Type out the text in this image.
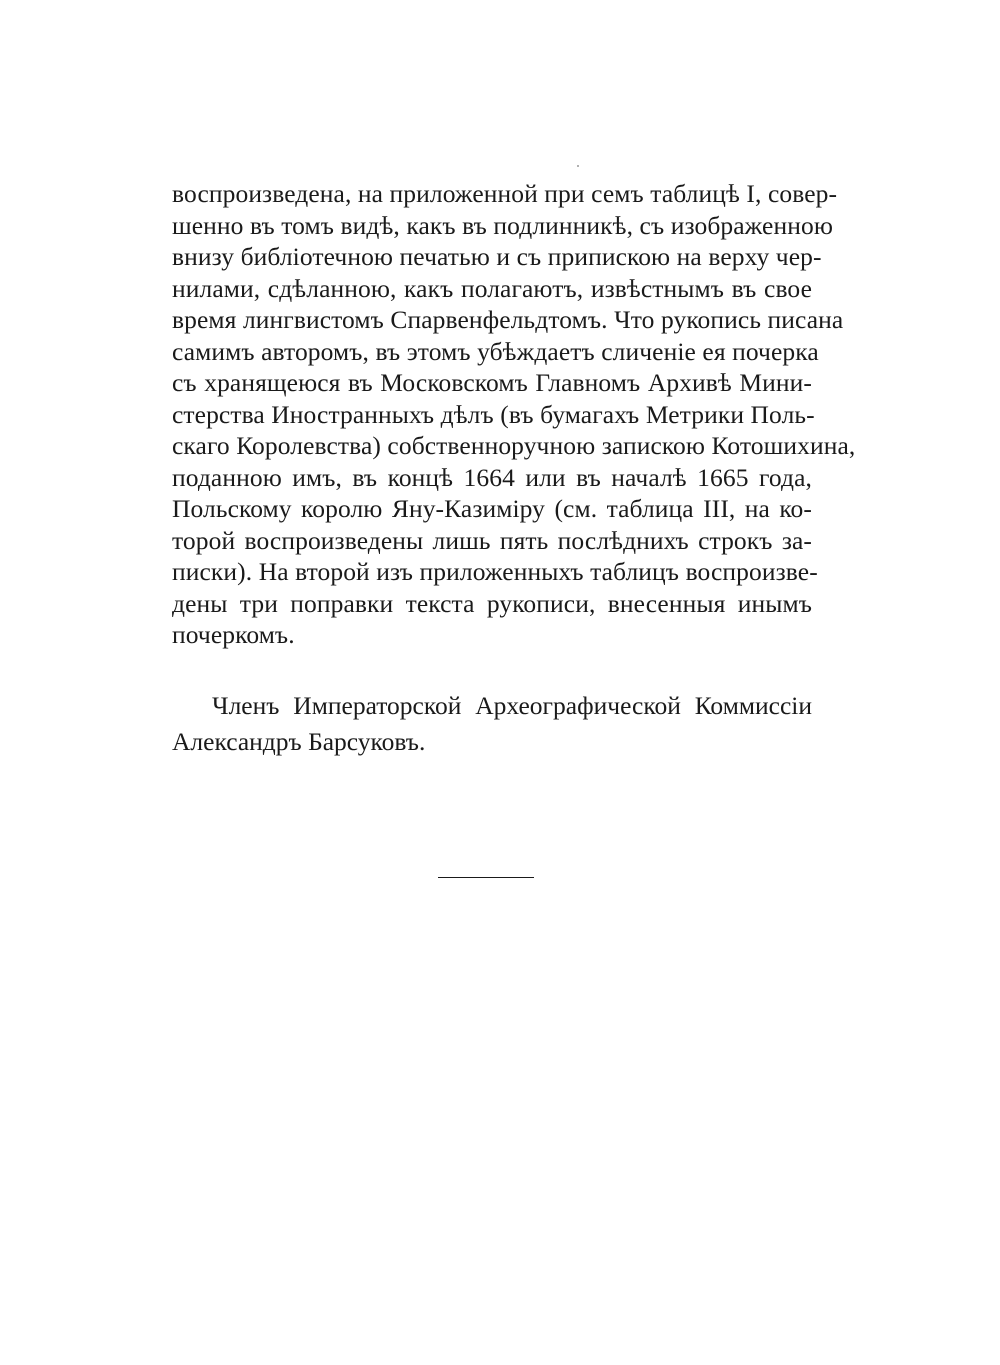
воспроизведена, на приложенной при семъ таблицѣ I, совер-
шенно въ томъ видѣ, какъ въ подлинникѣ, съ изображенною
внизу библіотечною печатью и съ припискою на верху чер-
нилами, сдѣланною, какъ полагаютъ, извѣстнымъ въ свое
время лингвистомъ Спарвенфельдтомъ. Что рукопись писана
самимъ авторомъ, въ этомъ убѣждаетъ сличеніе ея почерка
съ хранящеюся въ Московскомъ Главномъ Архивѣ Мини-
стерства Иностранныхъ дѣлъ (въ бумагахъ Метрики Поль-
скаго Королевства) собственноручною запискою Котошихина,
поданною имъ, въ концѣ 1664 или въ началѣ 1665 года,
Польскому королю Яну-Казиміру (см. таблица III, на ко-
торой воспроизведены лишь пять послѣднихъ строкъ за-
писки). На второй изъ приложенныхъ таблицъ воспроизве-
дены три поправки текста рукописи, внесенныя инымъ
почеркомъ.
Членъ Императорской Археографической Коммиссіи
Александръ Барсуковъ.
